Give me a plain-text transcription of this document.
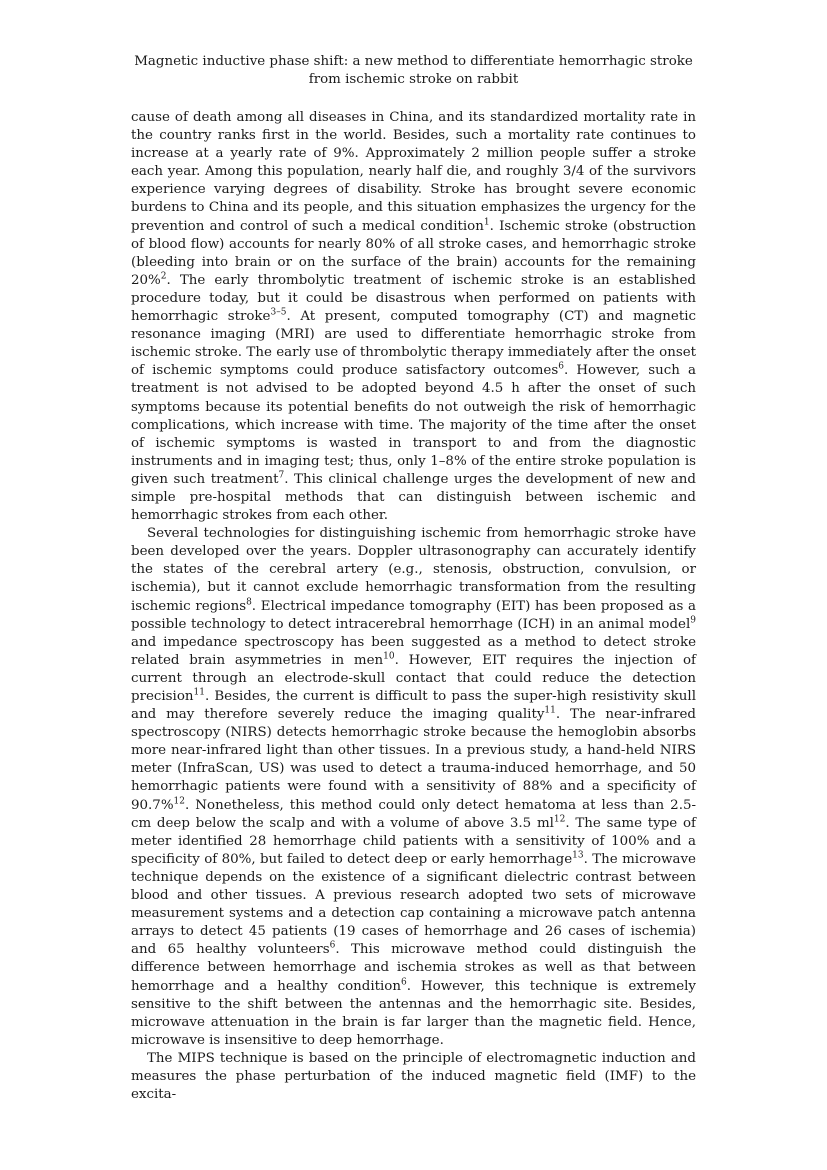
Magnetic inductive phase shift: a new method to differentiate hemorrhagic stroke
from ischemic stroke on rabbit

cause of death among all diseases in China, and its standardized mortality rate in the country ranks first in the world. Besides, such a mortality rate continues to increase at a yearly rate of 9%. Approximately 2 million people suffer a stroke each year. Among this population, nearly half die, and roughly 3/4 of the survivors experience varying degrees of disability. Stroke has brought severe economic burdens to China and its people, and this situation emphasizes the urgency for the prevention and control of such a medical condition$^1$. Ischemic stroke (obstruction of blood flow) accounts for nearly 80% of all stroke cases, and hemorrhagic stroke (bleeding into brain or on the surface of the brain) accounts for the remaining 20%$^2$. The early thrombolytic treatment of ischemic stroke is an established procedure today, but it could be disastrous when performed on patients with hemorrhagic stroke$^{3-5}$. At present, computed tomography (CT) and magnetic resonance imaging (MRI) are used to differentiate hemorrhagic stroke from ischemic stroke. The early use of thrombolytic therapy immediately after the onset of ischemic symptoms could produce satisfactory outcomes$^6$. However, such a treatment is not advised to be adopted beyond 4.5 h after the onset of such symptoms because its potential benefits do not outweigh the risk of hemorrhagic complications, which increase with time. The majority of the time after the onset of ischemic symptoms is wasted in transport to and from the diagnostic instruments and in imaging test; thus, only 1–8% of the entire stroke population is given such treatment$^7$. This clinical challenge urges the development of new and simple pre-hospital methods that can distinguish between ischemic and hemorrhagic strokes from each other.

Several technologies for distinguishing ischemic from hemorrhagic stroke have been developed over the years. Doppler ultrasonography can accurately identify the states of the cerebral artery (e.g., stenosis, obstruction, convulsion, or ischemia), but it cannot exclude hemorrhagic transformation from the resulting ischemic regions$^8$. Electrical impedance tomography (EIT) has been proposed as a possible technology to detect intracerebral hemorrhage (ICH) in an animal model$^9$ and impedance spectroscopy has been suggested as a method to detect stroke related brain asymmetries in men$^{10}$. However, EIT requires the injection of current through an electrode-skull contact that could reduce the detection precision$^{11}$. Besides, the current is difficult to pass the super-high resistivity skull and may therefore severely reduce the imaging quality$^{11}$. The near-infrared spectroscopy (NIRS) detects hemorrhagic stroke because the hemoglobin absorbs more near-infrared light than other tissues. In a previous study, a hand-held NIRS meter (InfraScan, US) was used to detect a trauma-induced hemorrhage, and 50 hemorrhagic patients were found with a sensitivity of 88% and a specificity of 90.7%$^{12}$. Nonetheless, this method could only detect hematoma at less than 2.5-cm deep below the scalp and with a volume of above 3.5 $ml^{12}$. The same type of meter identified 28 hemorrhage child patients with a sensitivity of 100% and a specificity of 80%, but failed to detect deep or early hemorrhage$^{13}$. The microwave technique depends on the existence of a significant dielectric contrast between blood and other tissues. A previous research adopted two sets of microwave measurement systems and a detection cap containing a microwave patch antenna arrays to detect 45 patients (19 cases of hemorrhage and 26 cases of ischemia) and 65 healthy volunteers$^6$. This microwave method could distinguish the difference between hemorrhage and ischemia strokes as well as that between hemorrhage and a healthy condition$^6$. However, this technique is extremely sensitive to the shift between the antennas and the hemorrhagic site. Besides, microwave attenuation in the brain is far larger than the magnetic field. Hence, microwave is insensitive to deep hemorrhage.

The MIPS technique is based on the principle of electromagnetic induction and measures the phase perturbation of the induced magnetic field (IMF) to the excita-
